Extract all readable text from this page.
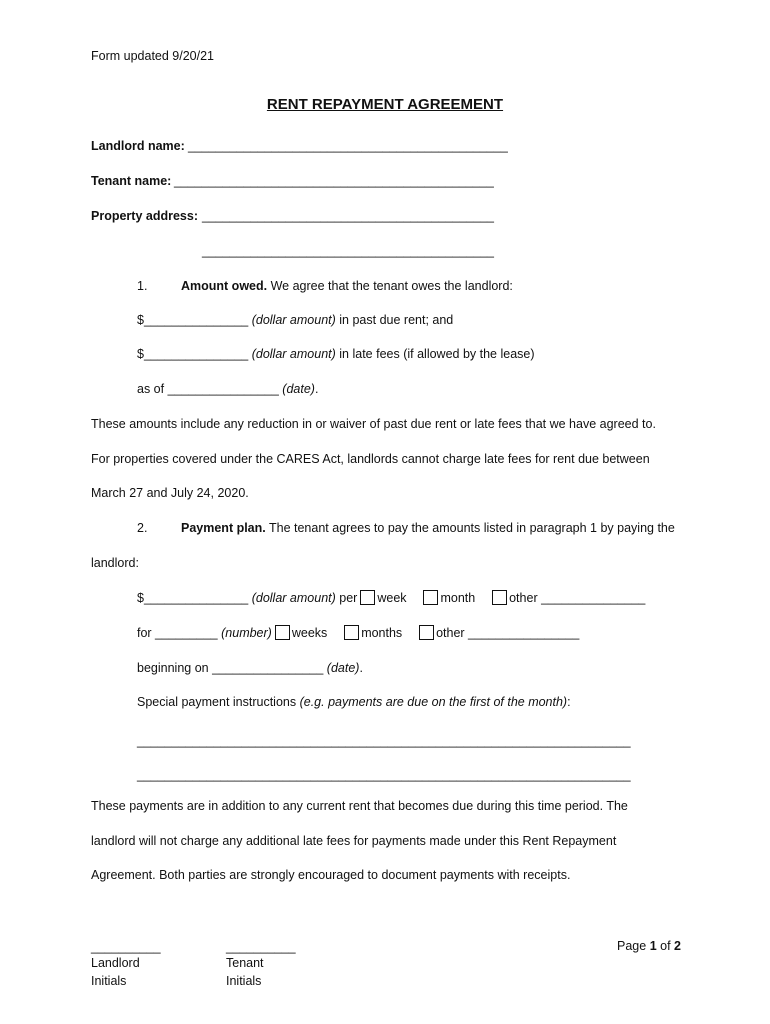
Form updated 9/20/21
RENT REPAYMENT AGREEMENT
Landlord name: ______________________________________________
Tenant name: ______________________________________________
Property address: __________________________________________
__________________________________________
1.	Amount owed. We agree that the tenant owes the landlord:
$_______________ (dollar amount) in past due rent; and
$_______________ (dollar amount) in late fees (if allowed by the lease)
as of ________________ (date).
These amounts include any reduction in or waiver of past due rent or late fees that we have agreed to.
For properties covered under the CARES Act, landlords cannot charge late fees for rent due between
March 27 and July 24, 2020.
2.	Payment plan. The tenant agrees to pay the amounts listed in paragraph 1 by paying the
landlord:
$_______________ (dollar amount) per week	month	other _______________
for _________ (number) weeks	months	other ________________
beginning on ________________ (date).
Special payment instructions (e.g. payments are due on the first of the month):
_______________________________________________________________________
_______________________________________________________________________
These payments are in addition to any current rent that becomes due during this time period. The
landlord will not charge any additional late fees for payments made under this Rent Repayment
Agreement. Both parties are strongly encouraged to document payments with receipts.
__________
Landlord
Initials
__________
Tenant
Initials
Page 1 of 2
